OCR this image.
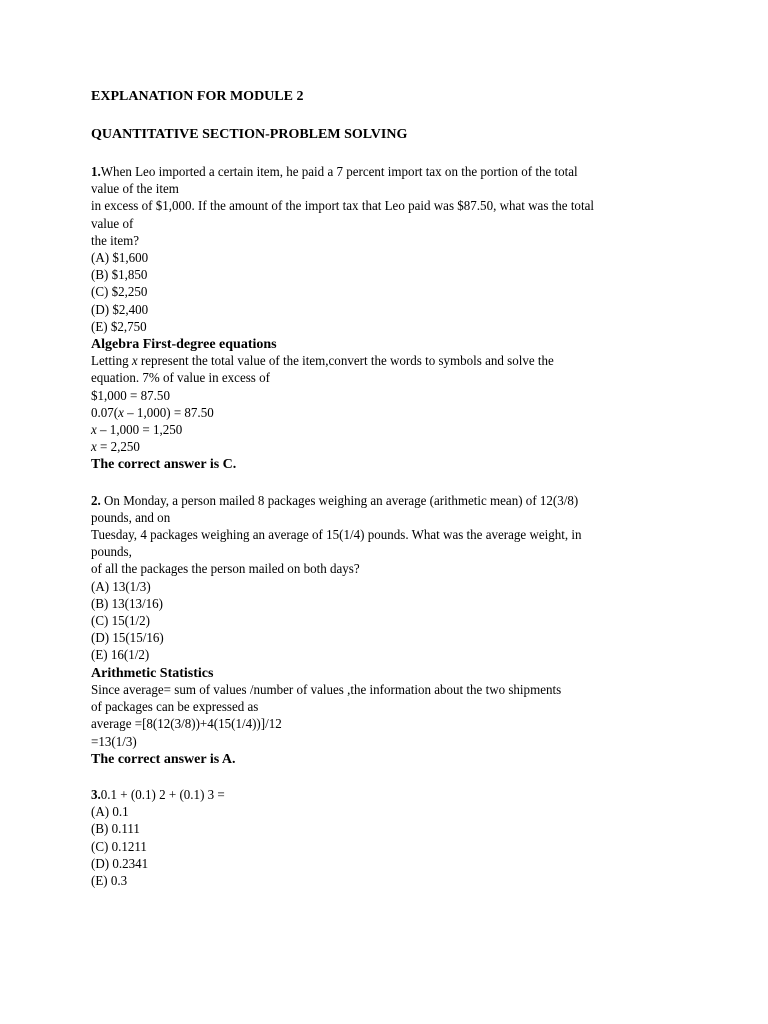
EXPLANATION FOR MODULE 2
QUANTITATIVE SECTION-PROBLEM SOLVING
1.When Leo imported a certain item, he paid a 7 percent import tax on the portion of the total
value of the item
in excess of $1,000. If the amount of the import tax that Leo paid was $87.50, what was the total
value of
the item?
(A) $1,600
(B) $1,850
(C) $2,250
(D) $2,400
(E) $2,750
Algebra First-degree equations
Letting x represent the total value of the item,convert the words to symbols and solve the
equation. 7% of value in excess of
$1,000 = 87.50
0.07(x – 1,000) = 87.50
x – 1,000 = 1,250
x = 2,250
The correct answer is C.
2. On Monday, a person mailed 8 packages weighing an average (arithmetic mean) of 12(3/8)
pounds, and on
Tuesday, 4 packages weighing an average of 15(1/4) pounds. What was the average weight, in
pounds,
of all the packages the person mailed on both days?
(A) 13(1/3)
(B) 13(13/16)
(C) 15(1/2)
(D) 15(15/16)
(E) 16(1/2)
Arithmetic Statistics
Since average= sum of values /number of values ,the information about the two shipments
of packages can be expressed as
average =[8(12(3/8))+4(15(1/4))]/12
=13(1/3)
The correct answer is A.
3.0.1 + (0.1) 2 + (0.1) 3 =
(A) 0.1
(B) 0.111
(C) 0.1211
(D) 0.2341
(E) 0.3
